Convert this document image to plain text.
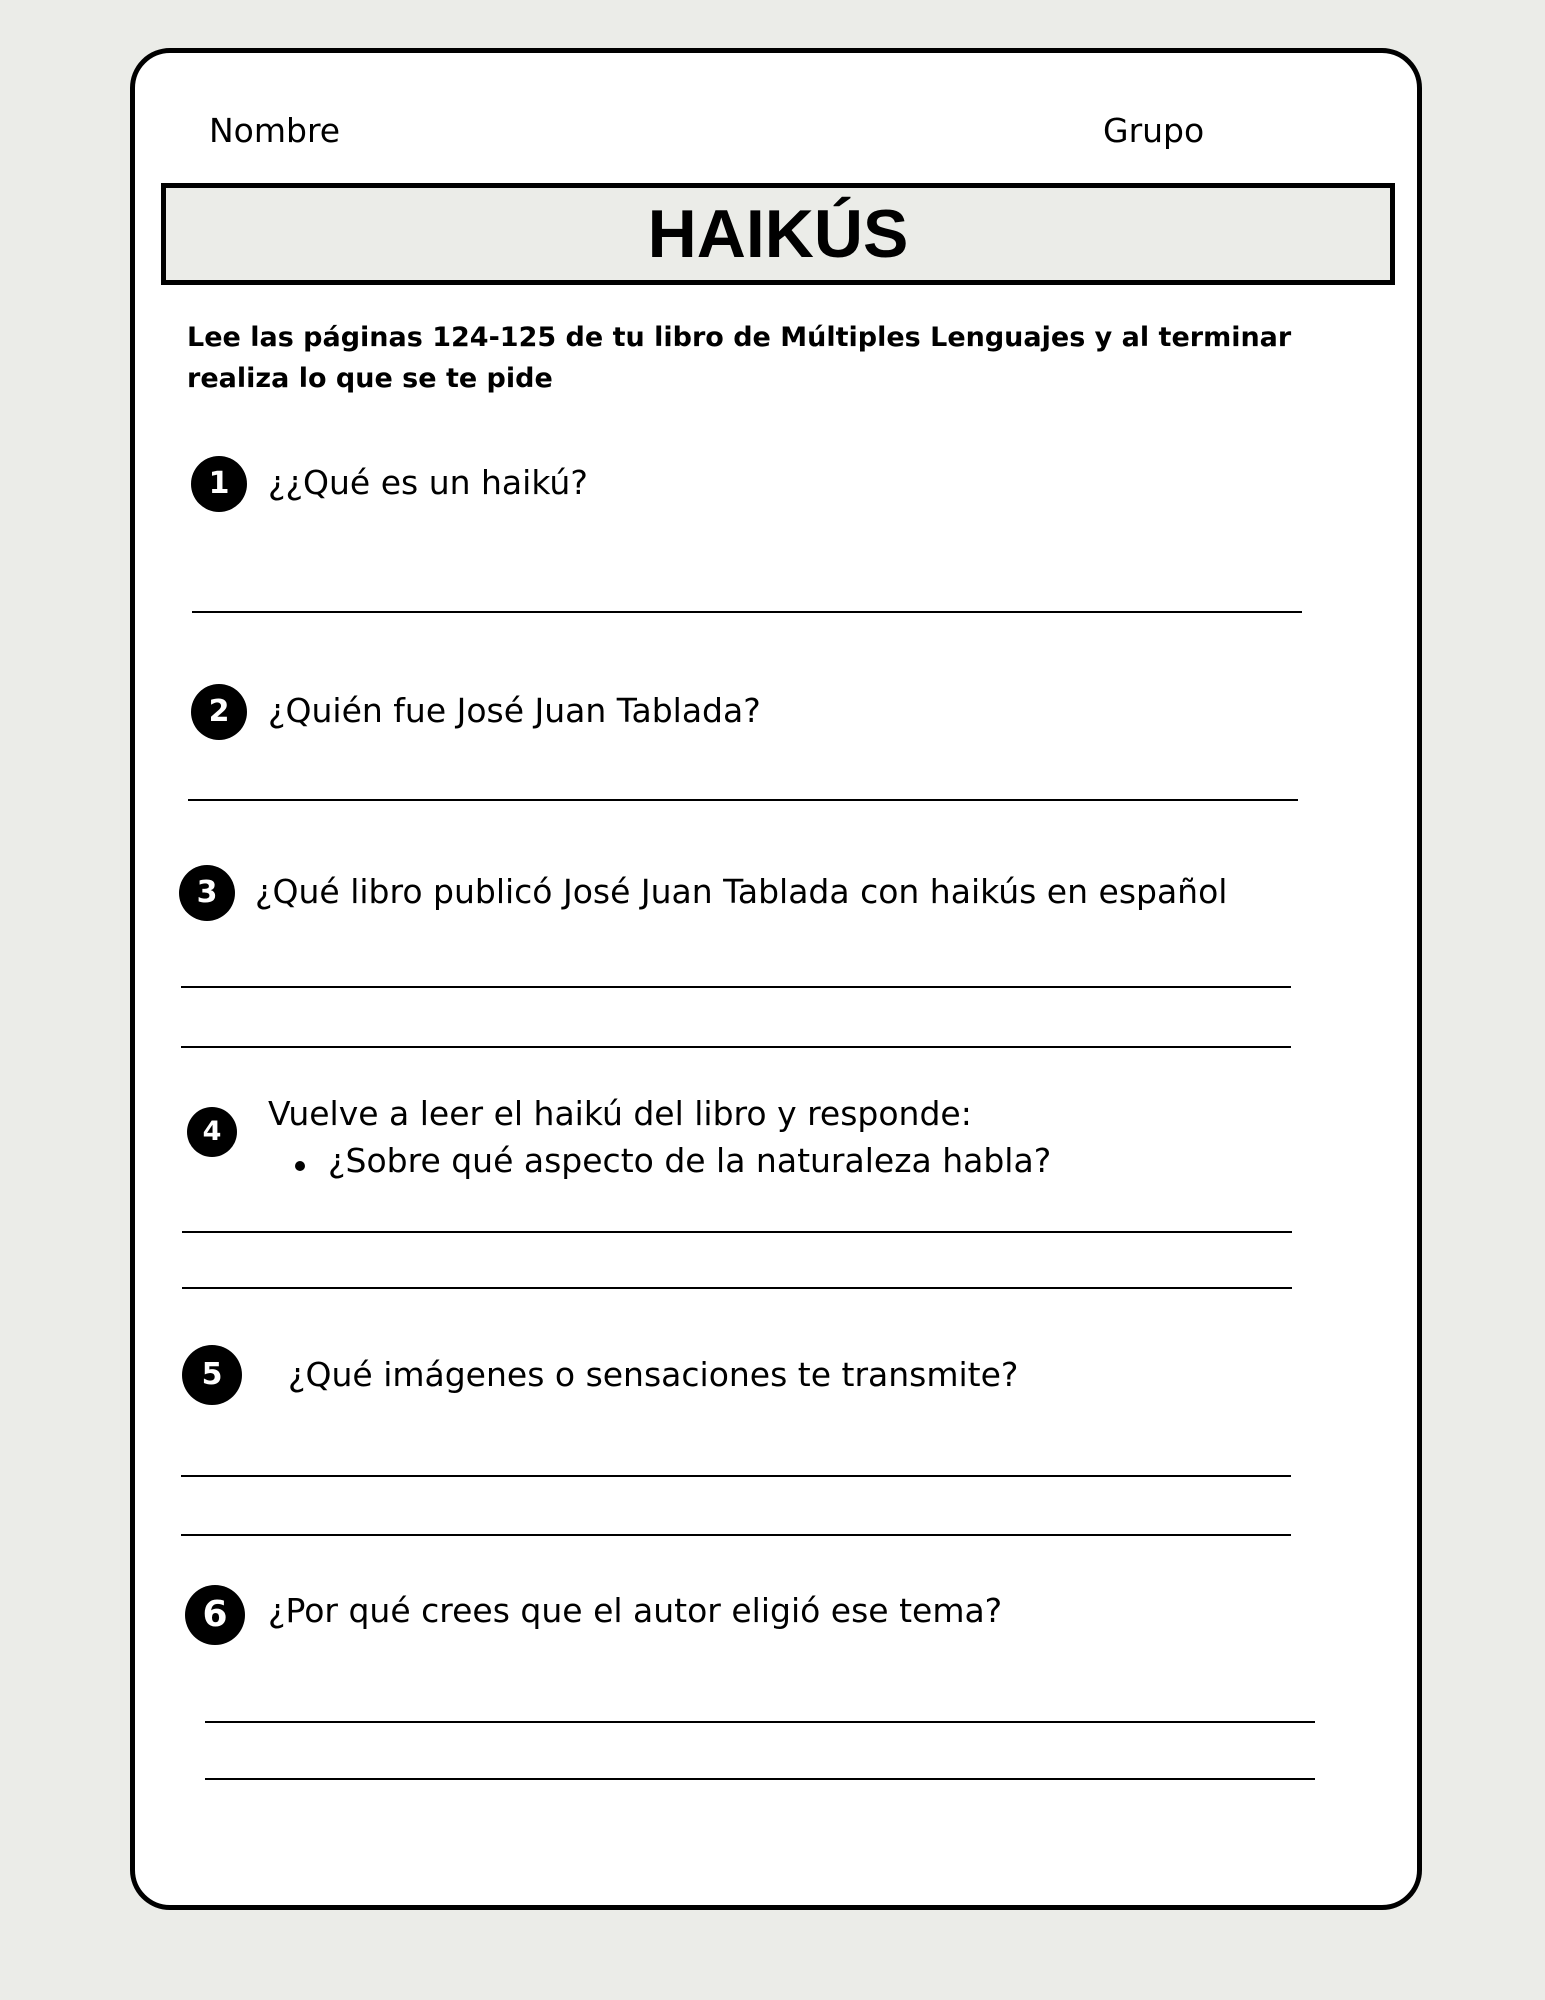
Nombre	Grupo
HAIKÚS
Lee las páginas 124-125 de tu libro de Múltiples Lenguajes y al terminar realiza lo que se te pide
1	¿¿Qué es un haikú?
2	¿Quién fue José Juan Tablada?
3	¿Qué libro publicó José Juan Tablada con haikús en español
4	Vuelve a leer el haikú del libro y responde:
¿Sobre qué aspecto de la naturaleza habla?
5	¿Qué imágenes o sensaciones te transmite?
6	¿Por qué crees que el autor eligió ese tema?
